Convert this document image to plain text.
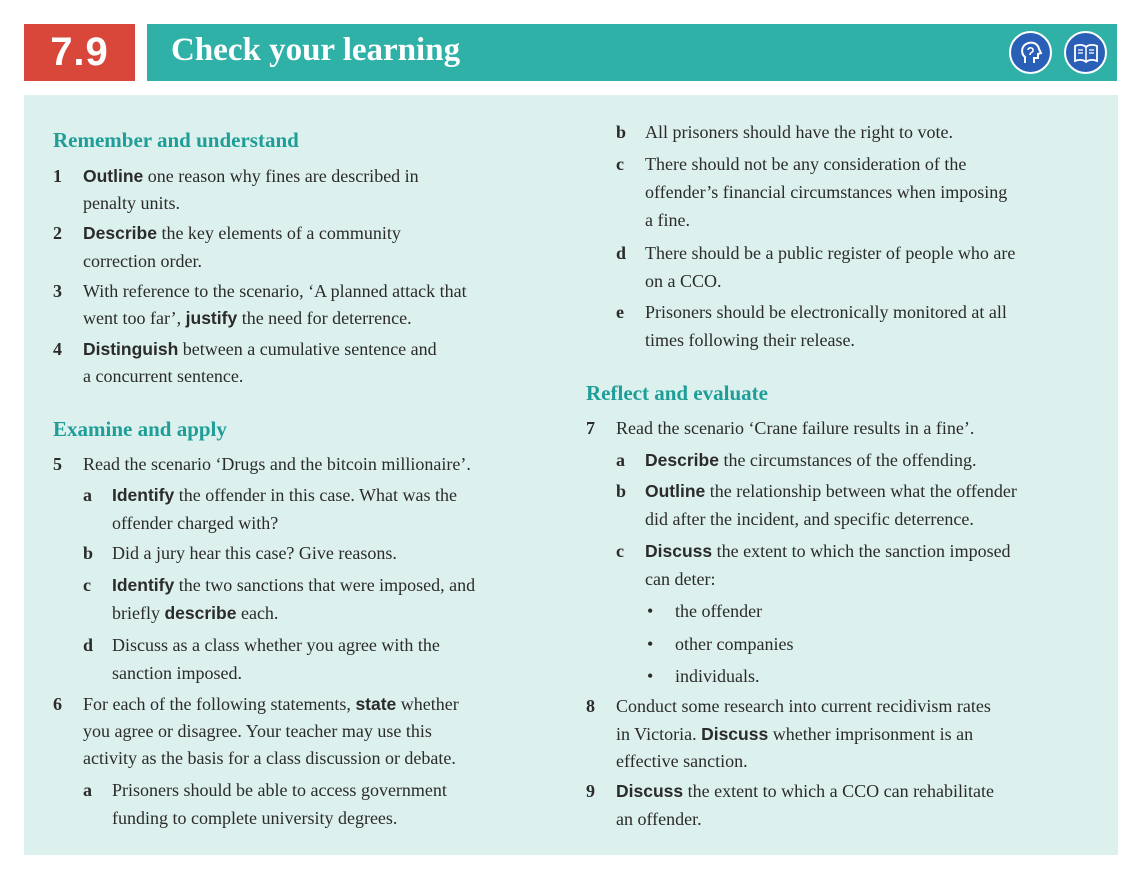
7.9	Check your learning
Remember and understand
1 Outline one reason why fines are described in
penalty units.
2 Describe the key elements of a community
correction order.
3 With reference to the scenario, ‘A planned attack that
went too far’, justify the need for deterrence.
4 Distinguish between a cumulative sentence and
a concurrent sentence.
Examine and apply
5 Read the scenario ‘Drugs and the bitcoin millionaire’.
a Identify the offender in this case. What was the
offender charged with?
b Did a jury hear this case? Give reasons.
c Identify the two sanctions that were imposed, and
briefly describe each.
d Discuss as a class whether you agree with the
sanction imposed.
6 For each of the following statements, state whether
you agree or disagree. Your teacher may use this
activity as the basis for a class discussion or debate.
a Prisoners should be able to access government
funding to complete university degrees.
b All prisoners should have the right to vote.
c There should not be any consideration of the
offender’s financial circumstances when imposing
a fine.
d There should be a public register of people who are
on a CCO.
e Prisoners should be electronically monitored at all
times following their release.
Reflect and evaluate
7 Read the scenario ‘Crane failure results in a fine’.
a Describe the circumstances of the offending.
b Outline the relationship between what the offender
did after the incident, and specific deterrence.
c Discuss the extent to which the sanction imposed
can deter:
• the offender
• other companies
• individuals.
8 Conduct some research into current recidivism rates
in Victoria. Discuss whether imprisonment is an
effective sanction.
9 Discuss the extent to which a CCO can rehabilitate
an offender.
